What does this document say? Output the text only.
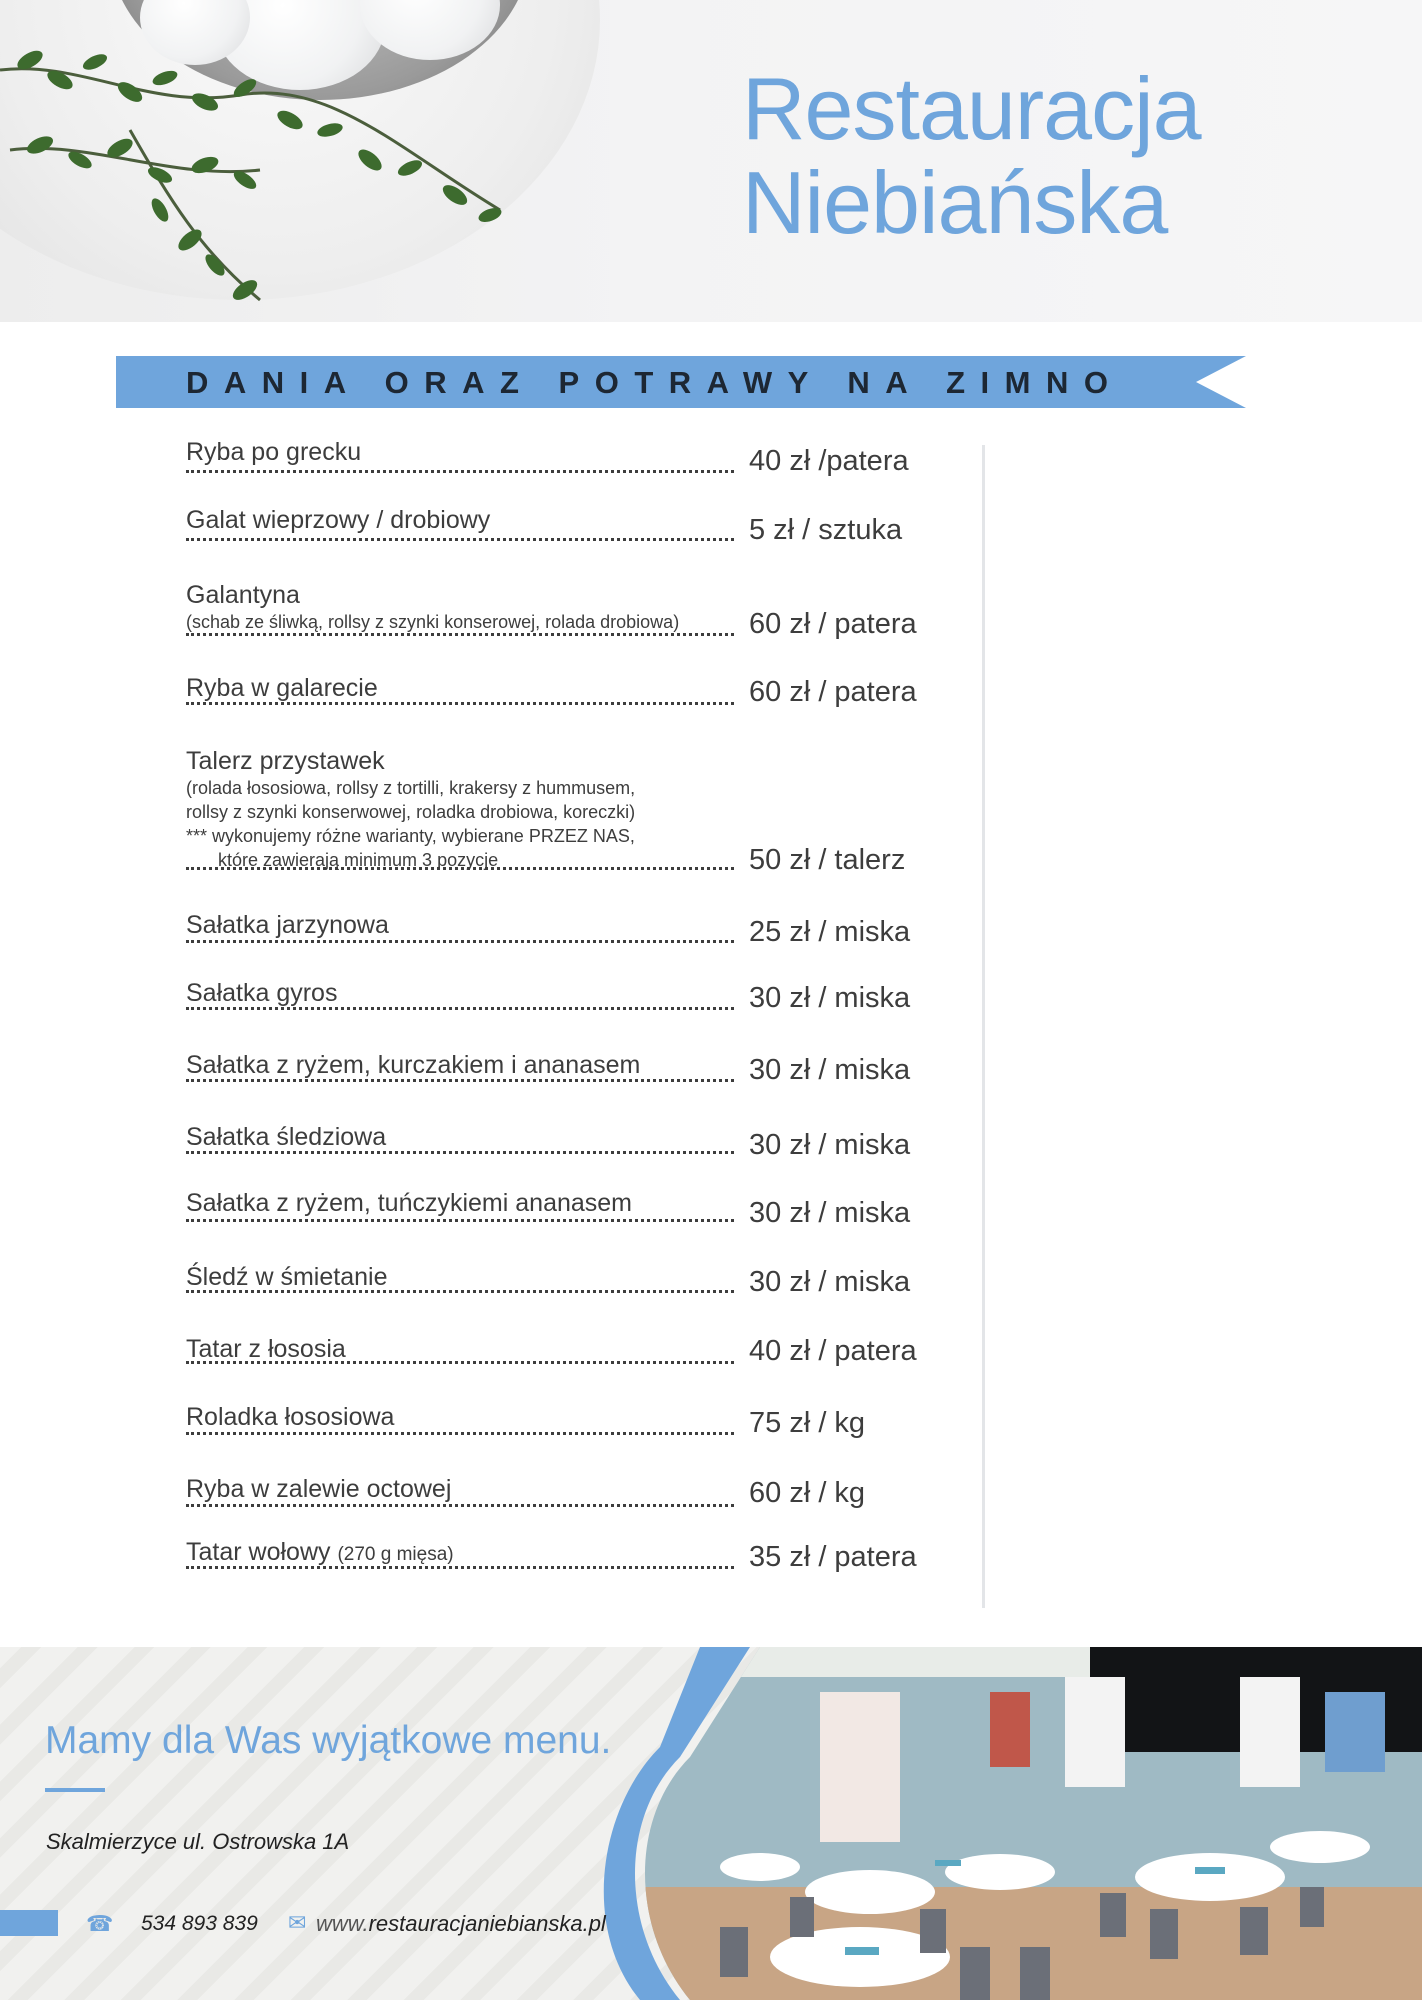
Restauracja
Niebiańska
DANIA ORAZ POTRAWY NA ZIMNO
Ryba po grecku	40 zł /patera
Galat wieprzowy / drobiowy	5 zł / sztuka
Galantyna
(schab ze śliwką, rollsy z szynki konserowej, rolada drobiowa)	60 zł / patera
Ryba w galarecie	60 zł / patera
Talerz przystawek
(rolada łososiowa, rollsy z tortilli, krakersy z hummusem,
rollsy z szynki konserwowej, roladka drobiowa, koreczki)
*** wykonujemy różne warianty, wybierane PRZEZ NAS,
które zawierają minimum 3 pozycje	50 zł / talerz
Sałatka jarzynowa	25 zł / miska
Sałatka gyros	30 zł / miska
Sałatka z ryżem, kurczakiem i ananasem	30 zł / miska
Sałatka śledziowa	30 zł / miska
Sałatka z ryżem, tuńczykiemi ananasem	30 zł / miska
Śledź w śmietanie	30 zł / miska
Tatar z łososia	40 zł / patera
Roladka łososiowa	75 zł / kg
Ryba w zalewie octowej	60 zł / kg
Tatar wołowy (270 g mięsa)	35 zł / patera
Mamy dla Was wyjątkowe menu.
Skalmierzyce ul. Ostrowska 1A
☎ 534 893 839 ✉ www.restauracjaniebianska.pl
